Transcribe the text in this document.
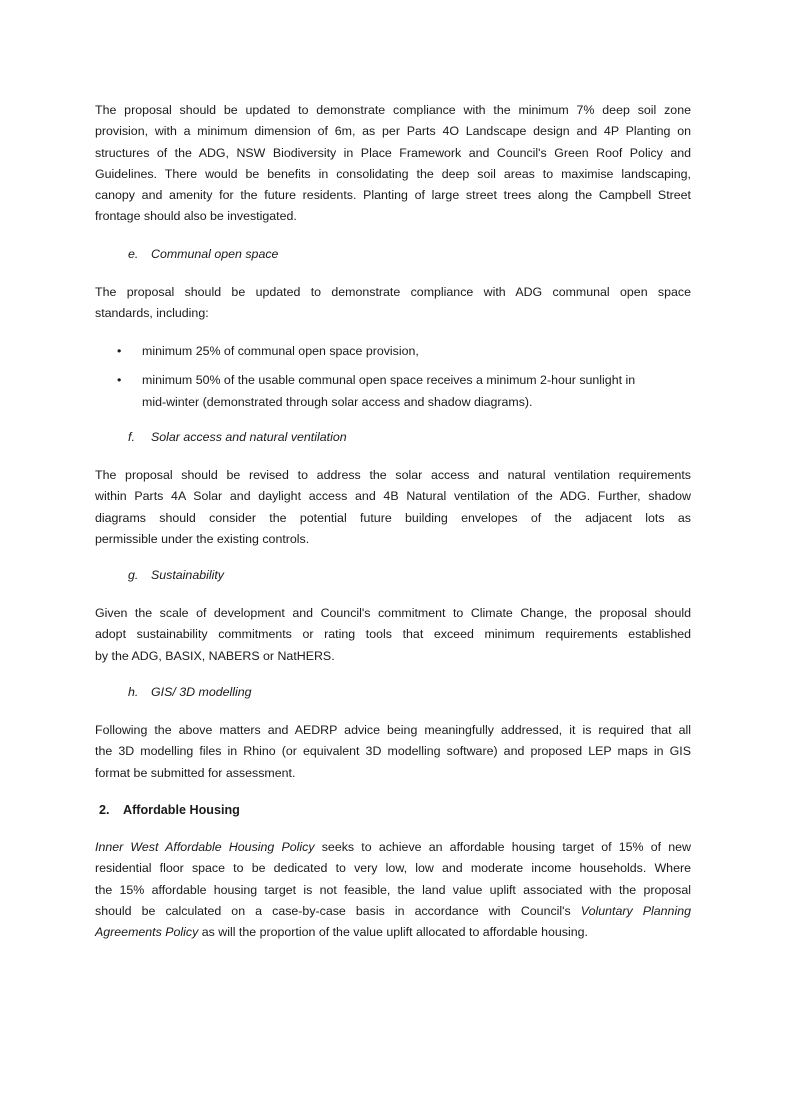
The proposal should be updated to demonstrate compliance with the minimum 7% deep soil zone
provision, with a minimum dimension of 6m, as per Parts 4O Landscape design and 4P Planting on
structures of the ADG, NSW Biodiversity in Place Framework and Council's Green Roof Policy and
Guidelines. There would be benefits in consolidating the deep soil areas to maximise landscaping,
canopy and amenity for the future residents. Planting of large street trees along the Campbell Street
frontage should also be investigated.

e. Communal open space

The proposal should be updated to demonstrate compliance with ADG communal open space
standards, including:

• minimum 25% of communal open space provision,
• minimum 50% of the usable communal open space receives a minimum 2-hour sunlight in
mid-winter (demonstrated through solar access and shadow diagrams).

f. Solar access and natural ventilation

The proposal should be revised to address the solar access and natural ventilation requirements
within Parts 4A Solar and daylight access and 4B Natural ventilation of the ADG. Further, shadow
diagrams should consider the potential future building envelopes of the adjacent lots as
permissible under the existing controls.

g. Sustainability

Given the scale of development and Council's commitment to Climate Change, the proposal should
adopt sustainability commitments or rating tools that exceed minimum requirements established
by the ADG, BASIX, NABERS or NatHERS.

h. GIS/ 3D modelling

Following the above matters and AEDRP advice being meaningfully addressed, it is required that all
the 3D modelling files in Rhino (or equivalent 3D modelling software) and proposed LEP maps in GIS
format be submitted for assessment.

2. Affordable Housing

Inner West Affordable Housing Policy seeks to achieve an affordable housing target of 15% of new
residential floor space to be dedicated to very low, low and moderate income households. Where
the 15% affordable housing target is not feasible, the land value uplift associated with the proposal
should be calculated on a case-by-case basis in accordance with Council's Voluntary Planning
Agreements Policy as will the proportion of the value uplift allocated to affordable housing.
